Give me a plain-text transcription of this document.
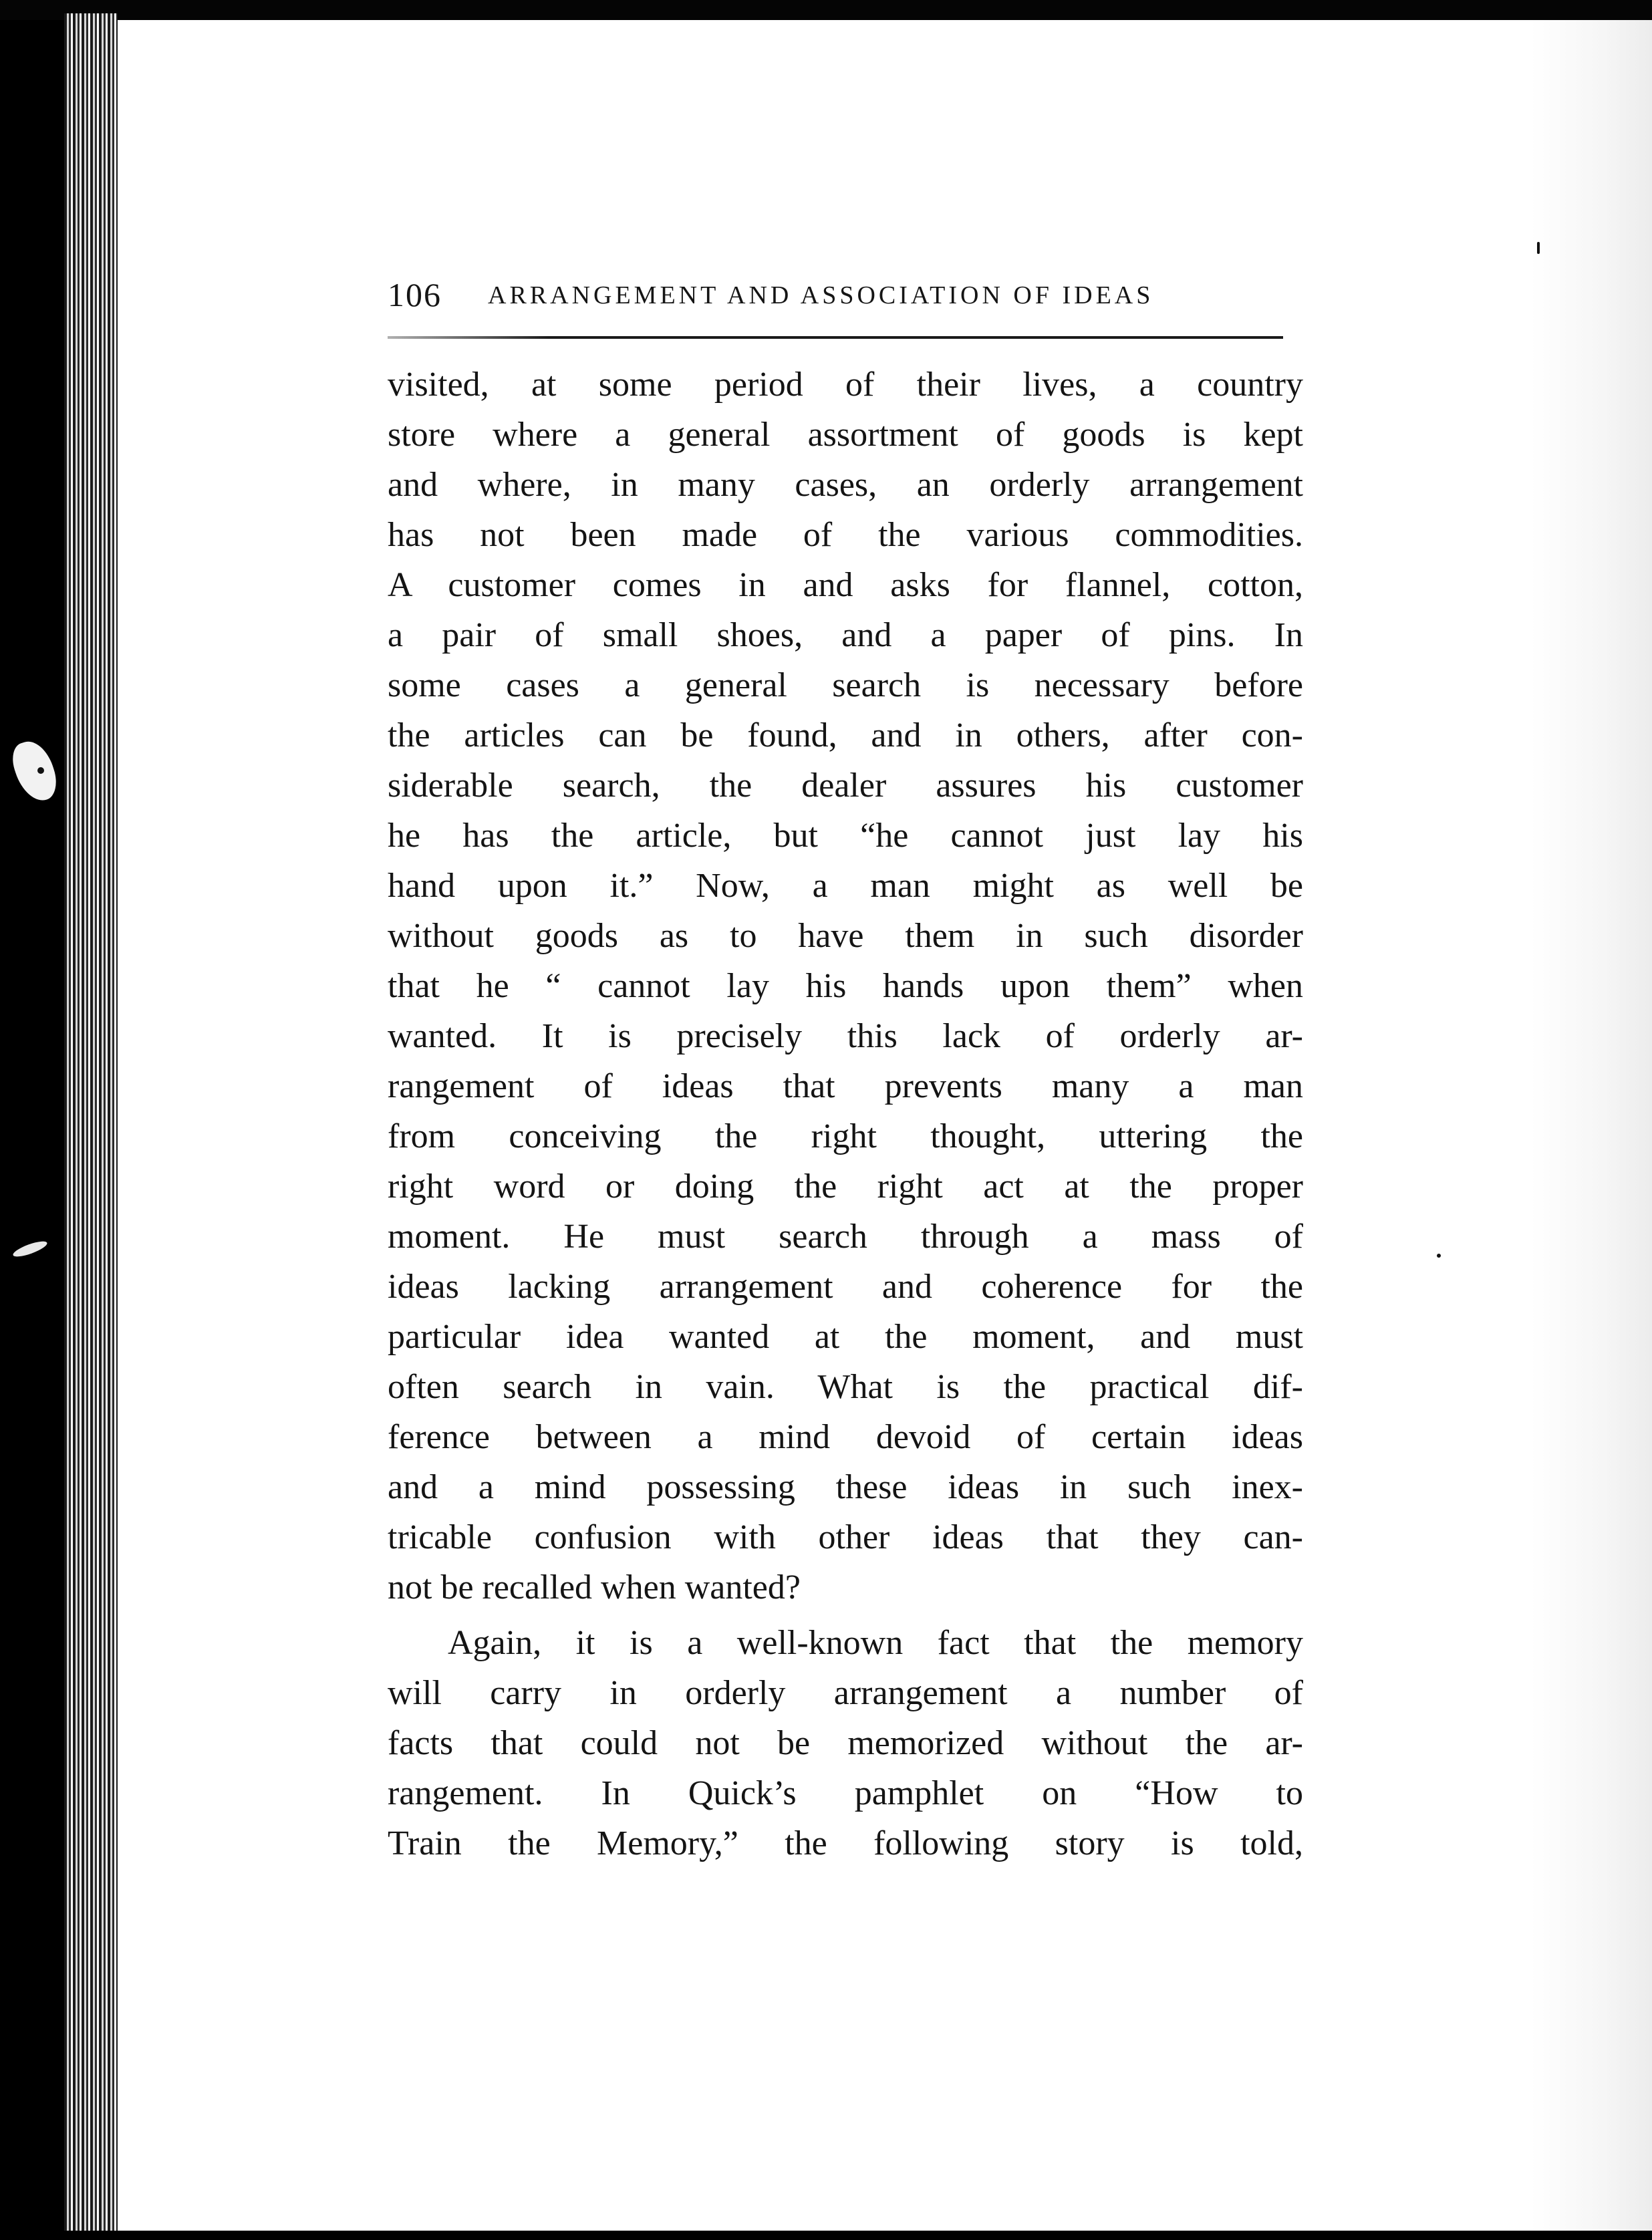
106 ARRANGEMENT AND ASSOCIATION OF IDEAS
visited, at some period of their lives, a country
store where a general assortment of goods is kept
and where, in many cases, an orderly arrangement
has not been made of the various commodities.
A customer comes in and asks for flannel, cotton,
a pair of small shoes, and a paper of pins. In
some cases a general search is necessary before
the articles can be found, and in others, after con-
siderable search, the dealer assures his customer
he has the article, but “he cannot just lay his
hand upon it.” Now, a man might as well be
without goods as to have them in such disorder
that he “ cannot lay his hands upon them” when
wanted. It is precisely this lack of orderly ar-
rangement of ideas that prevents many a man
from conceiving the right thought, uttering the
right word or doing the right act at the proper
moment. He must search through a mass of
ideas lacking arrangement and coherence for the
particular idea wanted at the moment, and must
often search in vain. What is the practical dif-
ference between a mind devoid of certain ideas
and a mind possessing these ideas in such inex-
tricable confusion with other ideas that they can-
not be recalled when wanted?
Again, it is a well-known fact that the memory
will carry in orderly arrangement a number of
facts that could not be memorized without the ar-
rangement. In Quick’s pamphlet on “How to
Train the Memory,” the following story is told,
